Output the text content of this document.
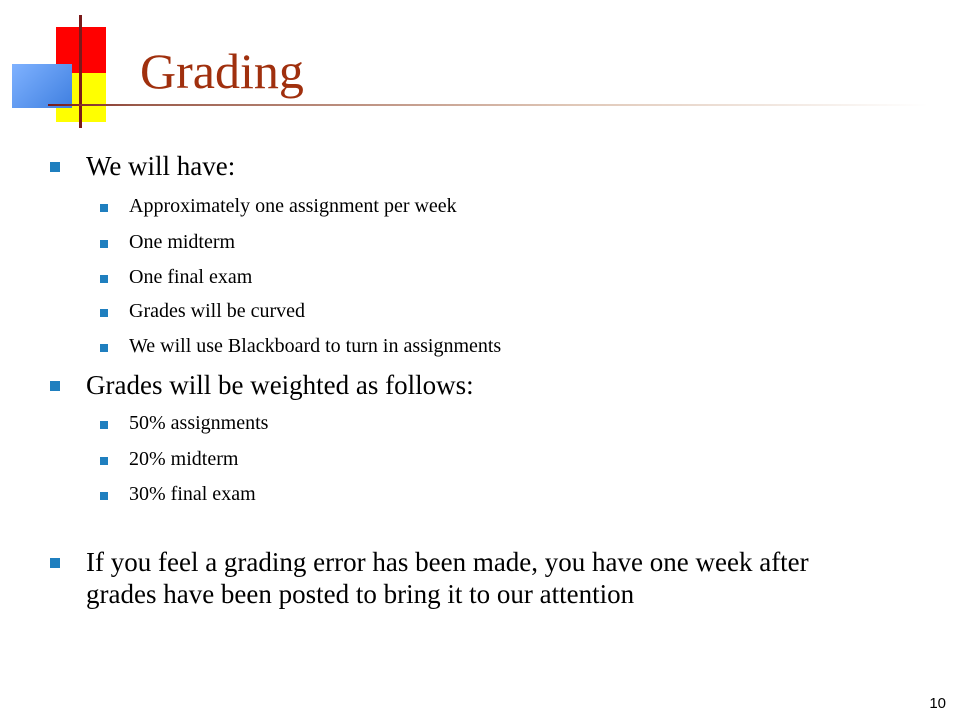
Grading
We will have:
Approximately one assignment per week
One midterm
One final exam
Grades will be curved
We will use Blackboard to turn in assignments
Grades will be weighted as follows:
50% assignments
20% midterm
30% final exam
If you feel a grading error has been made, you have one week after grades have been posted to bring it to our attention
10
